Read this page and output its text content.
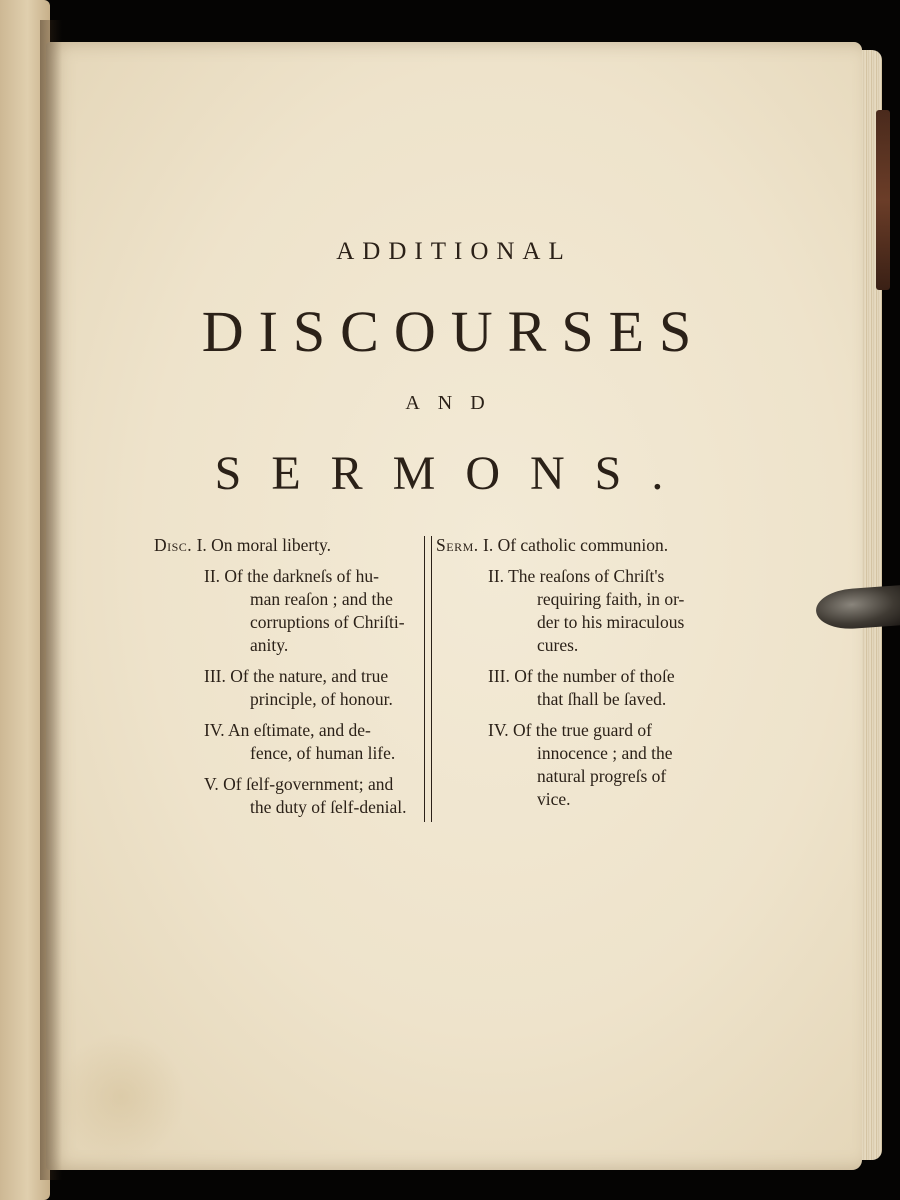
ADDITIONAL
DISCOURSES
AND
SERMONS.
Disc. I. On moral liberty.
II. Of the darkneſs of hu-
man reaſon ; and the
corruptions of Chriſti-
anity.
III. Of the nature, and true
principle, of honour.
IV. An eſtimate, and de-
fence, of human life.
V. Of ſelf-government; and
the duty of ſelf-denial.
Serm. I. Of catholic communion.
II. The reaſons of Chriſt's
requiring faith, in or-
der to his miraculous
cures.
III. Of the number of thoſe
that ſhall be ſaved.
IV. Of the true guard of
innocence ; and the
natural progreſs of
vice.
